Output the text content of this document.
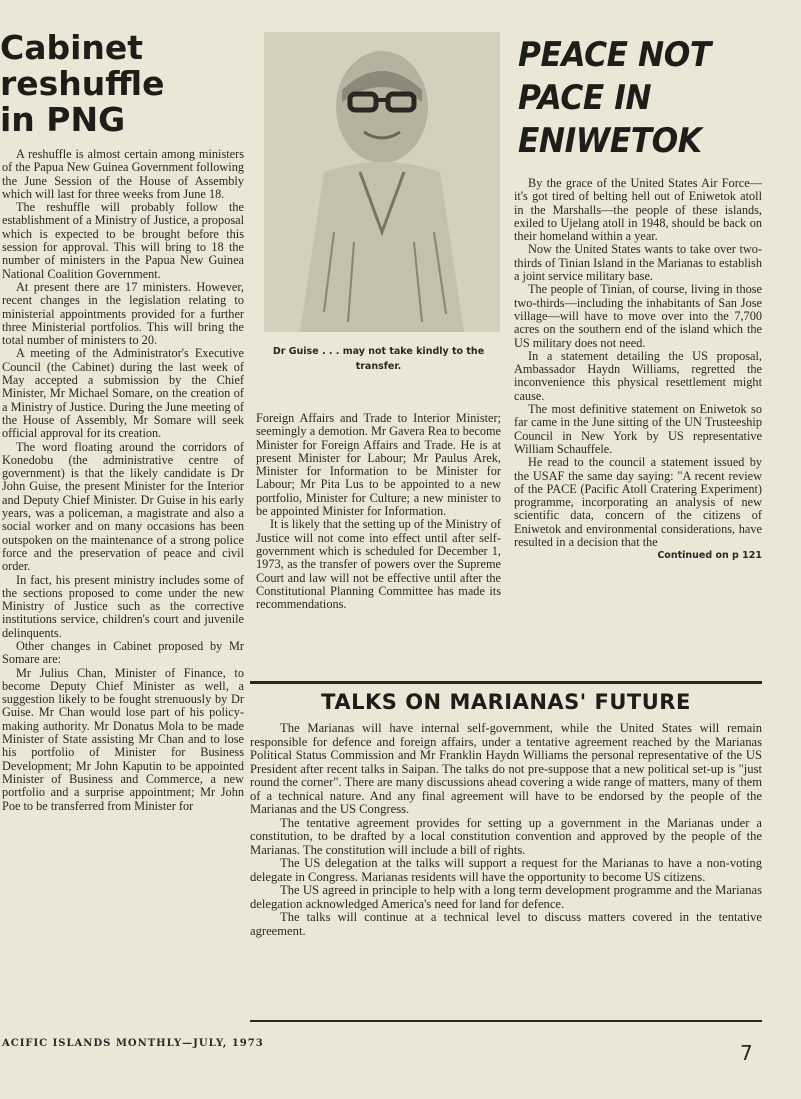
Cabinet
reshuffle
in PNG

A reshuffle is almost certain among ministers of the Papua New Guinea Government following the June Session of the House of Assembly which will last for three weeks from June 18.

The reshuffle will probably follow the establishment of a Ministry of Justice, a proposal which is expected to be brought before this session for approval. This will bring to 18 the number of ministers in the Papua New Guinea National Coalition Government.

At present there are 17 ministers. However, recent changes in the legislation relating to ministerial appointments provided for a further three Ministerial portfolios. This will bring the total number of ministers to 20.

A meeting of the Administrator's Executive Council (the Cabinet) during the last week of May accepted a submission by the Chief Minister, Mr Michael Somare, on the creation of a Ministry of Justice. During the June meeting of the House of Assembly, Mr Somare will seek official approval for its creation.

The word floating around the corridors of Konedobu (the administrative centre of government) is that the likely candidate is Dr John Guise, the present Minister for the Interior and Deputy Chief Minister. Dr Guise in his early years, was a policeman, a magistrate and also a social worker and on many occasions has been outspoken on the maintenance of a strong police force and the preservation of peace and civil order.

In fact, his present ministry includes some of the sections proposed to come under the new Ministry of Justice such as the corrective institutions service, children's court and juvenile delinquents.

Other changes in Cabinet proposed by Mr Somare are:

Mr Julius Chan, Minister of Finance, to become Deputy Chief Minister as well, a suggestion likely to be fought strenuously by Dr Guise. Mr Chan would lose part of his policy-making authority. Mr Donatus Mola to be made Minister of State assisting Mr Chan and to lose his portfolio of Minister for Business Development; Mr John Kaputin to be appointed Minister of Business and Commerce, a new portfolio and a surprise appointment; Mr John Poe to be transferred from Minister for

Dr Guise . . . may not take kindly to the transfer.

Foreign Affairs and Trade to Interior Minister; seemingly a demotion. Mr Gavera Rea to become Minister for Foreign Affairs and Trade. He is at present Minister for Labour; Mr Paulus Arek, Minister for Information to be Minister for Labour; Mr Pita Lus to be appointed to a new portfolio, Minister for Culture; a new minister to be appointed Minister for Information.

It is likely that the setting up of the Ministry of Justice will not come into effect until after self-government which is scheduled for December 1, 1973, as the transfer of powers over the Supreme Court and law will not be effective until after the Constitutional Planning Committee has made its recommendations.

PEACE NOT
PACE IN
ENIWETOK

By the grace of the United States Air Force—it's got tired of belting hell out of Eniwetok atoll in the Marshalls—the people of these islands, exiled to Ujelang atoll in 1948, should be back on their homeland within a year.

Now the United States wants to take over two-thirds of Tinian Island in the Marianas to establish a joint service military base.

The people of Tinian, of course, living in those two-thirds—including the inhabitants of San Jose village—will have to move over into the 7,700 acres on the southern end of the island which the US military does not need.

In a statement detailing the US proposal, Ambassador Haydn Williams, regretted the inconvenience this physical resettlement might cause.

The most definitive statement on Eniwetok so far came in the June sitting of the UN Trusteeship Council in New York by US representative William Schauffele.

He read to the council a statement issued by the USAF the same day saying: "A recent review of the PACE (Pacific Atoll Cratering Experiment) programme, incorporating an analysis of new scientific data, concern of the citizens of Eniwetok and environmental considerations, have resulted in a decision that the

Continued on p 121
TALKS ON MARIANAS' FUTURE

The Marianas will have internal self-government, while the United States will remain responsible for defence and foreign affairs, under a tentative agreement reached by the Marianas Political Status Commission and Mr Franklin Haydn Williams the personal representative of the US President after recent talks in Saipan. The talks do not pre-suppose that a new political set-up is "just round the corner". There are many discussions ahead covering a wide range of matters, many of them of a technical nature. And any final agreement will have to be endorsed by the people of the Marianas and the US Congress.

The tentative agreement provides for setting up a government in the Marianas under a constitution, to be drafted by a local constitution convention and approved by the people of the Marianas. The constitution will include a bill of rights.

The US delegation at the talks will support a request for the Marianas to have a non-voting delegate in Congress. Marianas residents will have the opportunity to become US citizens.

The US agreed in principle to help with a long term development programme and the Marianas delegation acknowledged America's need for land for defence.

The talks will continue at a technical level to discuss matters covered in the tentative agreement.

ACIFIC ISLANDS MONTHLY—JULY, 1973	7
